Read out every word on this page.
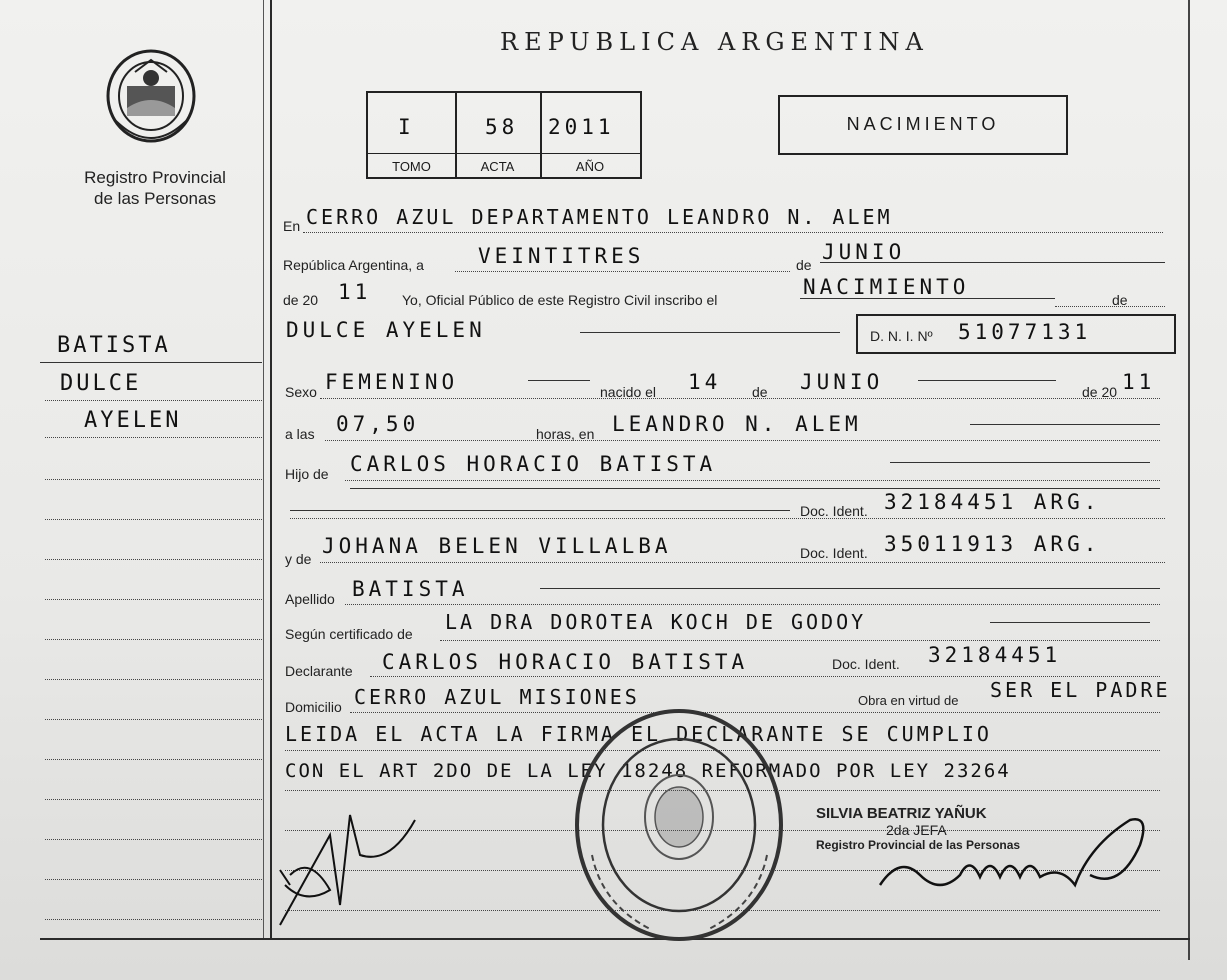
Registro Provincial
de las Personas
REPUBLICA ARGENTINA
I
TOMO
58
ACTA
2011
AÑO
NACIMIENTO
BATISTA
DULCE
AYELEN
En CERRO AZUL DEPARTAMENTO LEANDRO N. ALEM
República Argentina, a	VEINTITRES	de
JUNIO
de 20 11 Yo, Oficial Público de este Registro Civil inscribo el
NACIMIENTO
de
DULCE AYELEN	D. N. I. Nº 51077131
Sexo FEMENINO	nacido el 14 de JUNIO	de 20 11
a las 07,50	horas, en LEANDRO N. ALEM
Hijo de CARLOS HORACIO BATISTA
Doc. Ident. 32184451 ARG.
y de
JOHANA BELEN VILLALBA	Doc. Ident. 35011913 ARG.
Apellido BATISTA
Según certificado de LA DRA DOROTEA KOCH DE GODOY
Declarante CARLOS HORACIO BATISTA	Doc. Ident. 32184451
Domicilio CERRO AZUL MISIONES	Obra en virtud de SER EL PADRE
LEIDA EL ACTA LA FIRMA EL DECLARANTE SE CUMPLIO
CON EL ART 2DO DE LA LEY 18248 REFORMADO POR LEY 23264
SILVIA BEATRIZ YAÑUK
2da JEFA
Registro Provincial de las Personas
